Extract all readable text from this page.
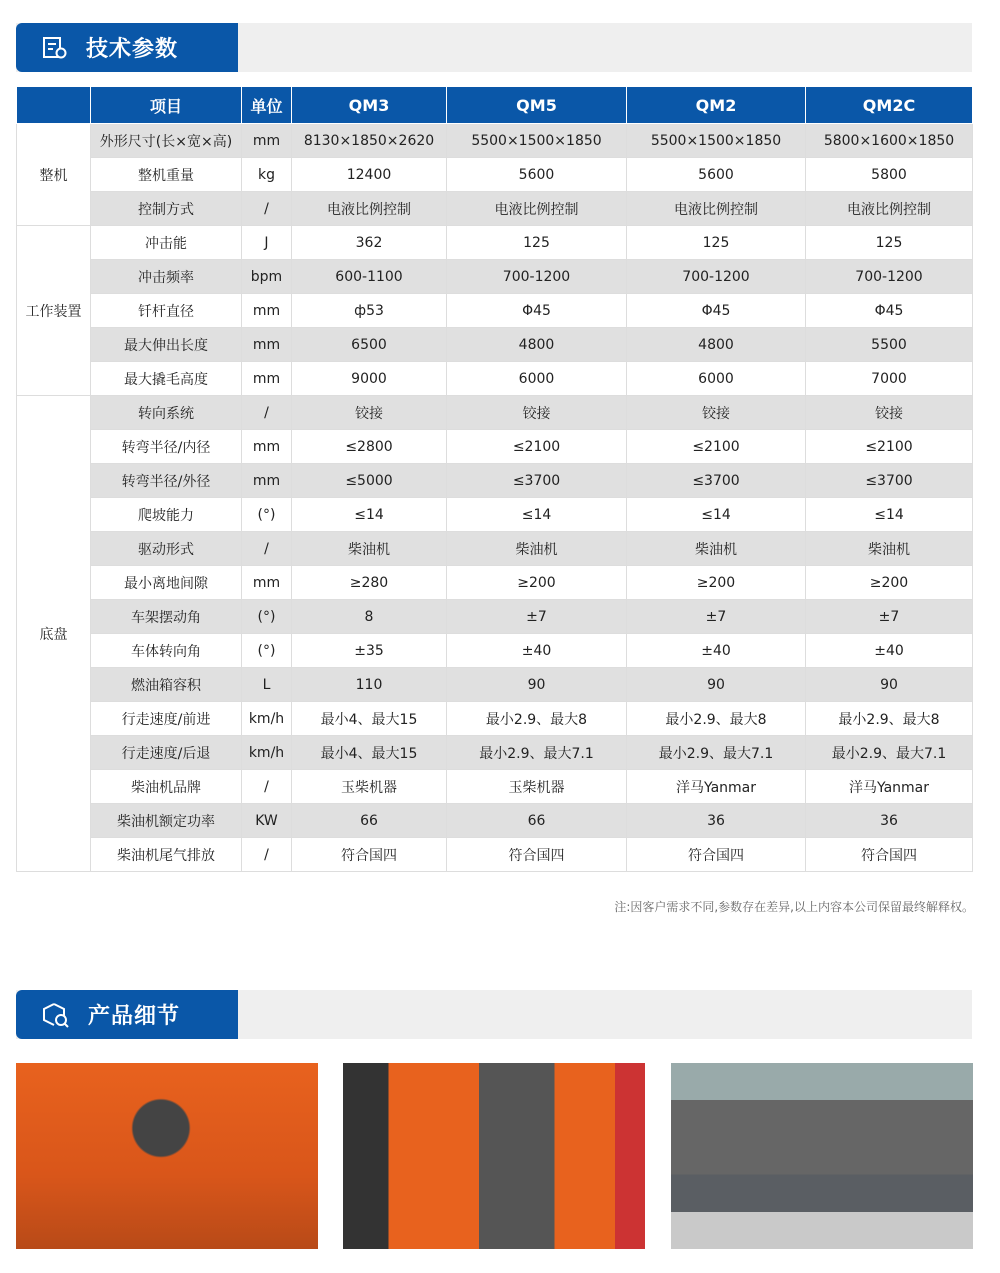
技术参数
	项目	单位	QM3	QM5	QM2	QM2C
整机	外形尺寸(长×宽×高)	mm	8130×1850×2620	5500×1500×1850	5500×1500×1850	5800×1600×1850
	整机重量	kg	12400	5600	5600	5800
	控制方式	/	电液比例控制	电液比例控制	电液比例控制	电液比例控制
工作装置	冲击能	J	362	125	125	125
	冲击频率	bpm	600-1100	700-1200	700-1200	700-1200
	钎杆直径	mm	ф53	Φ45	Φ45	Φ45
	最大伸出长度	mm	6500	4800	4800	5500
	最大撬毛高度	mm	9000	6000	6000	7000
底盘	转向系统	/	铰接	铰接	铰接	铰接
	转弯半径/内径	mm	≤2800	≤2100	≤2100	≤2100
	转弯半径/外径	mm	≤5000	≤3700	≤3700	≤3700
	爬坡能力	(°)	≤14	≤14	≤14	≤14
	驱动形式	/	柴油机	柴油机	柴油机	柴油机
	最小离地间隙	mm	≥280	≥200	≥200	≥200
	车架摆动角	(°)	8	±7	±7	±7
	车体转向角	(°)	±35	±40	±40	±40
	燃油箱容积	L	110	90	90	90
	行走速度/前进	km/h	最小4、最大15	最小2.9、最大8	最小2.9、最大8	最小2.9、最大8
	行走速度/后退	km/h	最小4、最大15	最小2.9、最大7.1	最小2.9、最大7.1	最小2.9、最大7.1
	柴油机品牌	/	玉柴机器	玉柴机器	洋马Yanmar	洋马Yanmar
	柴油机额定功率	KW	66	66	36	36
	柴油机尾气排放	/	符合国四	符合国四	符合国四	符合国四
注:因客户需求不同,参数存在差异,以上内容本公司保留最终解释权。
产品细节
